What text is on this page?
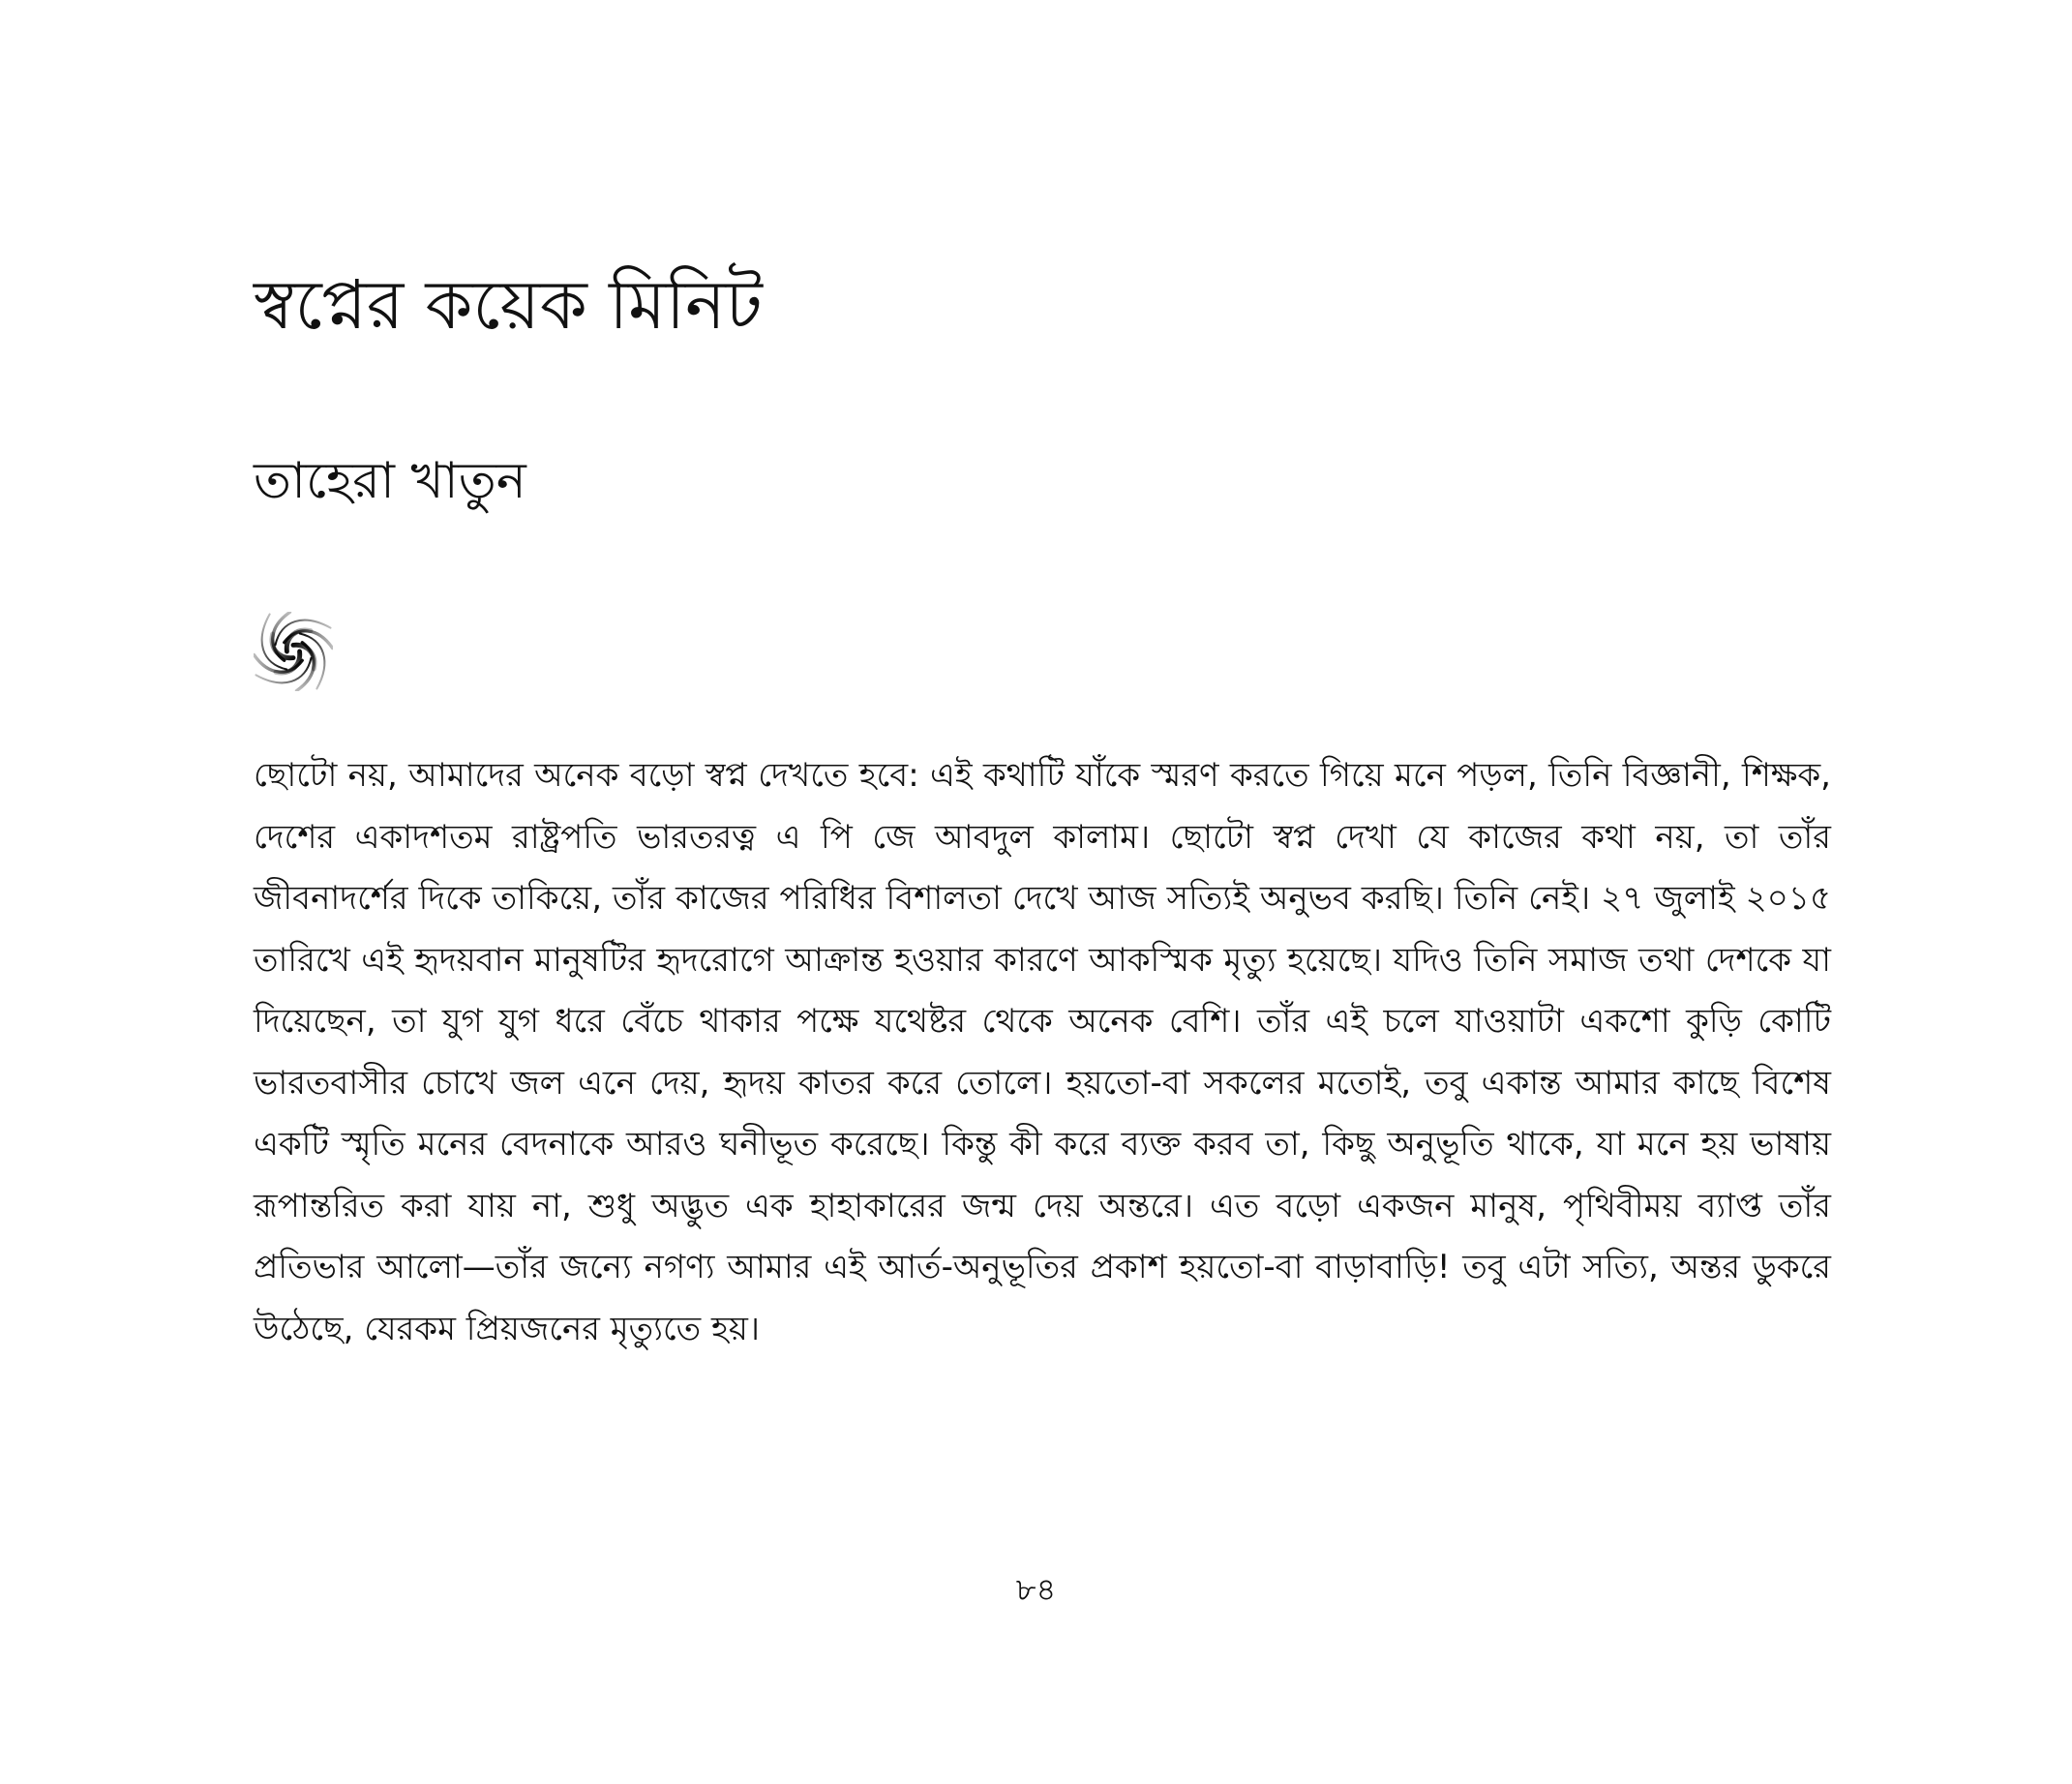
স্বপ্নের কয়েক মিনিট
তাহেরা খাতুন

ছোটো নয়, আমাদের অনেক বড়ো স্বপ্ন দেখতে হবে: এই কথাটি যাঁকে স্মরণ করতে গিয়ে মনে পড়ল, তিনি বিজ্ঞানী, শিক্ষক, দেশের একাদশতম রাষ্ট্রপতি ভারতরত্ন এ পি জে আবদুল কালাম। ছোটো স্বপ্ন দেখা যে কাজের কথা নয়, তা তাঁর জীবনাদর্শের দিকে তাকিয়ে, তাঁর কাজের পরিধির বিশালতা দেখে আজ সত্যিই অনুভব করছি। তিনি নেই। ২৭ জুলাই ২০১৫ তারিখে এই হৃদয়বান মানুষটির হৃদরোগে আক্রান্ত হওয়ার কারণে আকস্মিক মৃত্যু হয়েছে। যদিও তিনি সমাজ তথা দেশকে যা দিয়েছেন, তা যুগ যুগ ধরে বেঁচে থাকার পক্ষে যথেষ্টর থেকে অনেক বেশি। তাঁর এই চলে যাওয়াটা একশো কুড়ি কোটি ভারতবাসীর চোখে জল এনে দেয়, হৃদয় কাতর করে তোলে। হয়তো-বা সকলের মতোই, তবু একান্ত আমার কাছে বিশেষ একটি স্মৃতি মনের বেদনাকে আরও ঘনীভূত করেছে। কিন্তু কী করে ব্যক্ত করব তা, কিছু অনুভূতি থাকে, যা মনে হয় ভাষায় রূপান্তরিত করা যায় না, শুধু অদ্ভুত এক হাহাকারের জন্ম দেয় অন্তরে। এত বড়ো একজন মানুষ, পৃথিবীময় ব্যাপ্ত তাঁর প্রতিভার আলো—তাঁর জন্যে নগণ্য আমার এই আর্ত-অনুভূতির প্রকাশ হয়তো-বা বাড়াবাড়ি! তবু এটা সত্যি, অন্তর ডুকরে উঠেছে, যেরকম প্রিয়জনের মৃত্যুতে হয়।

৮৪
